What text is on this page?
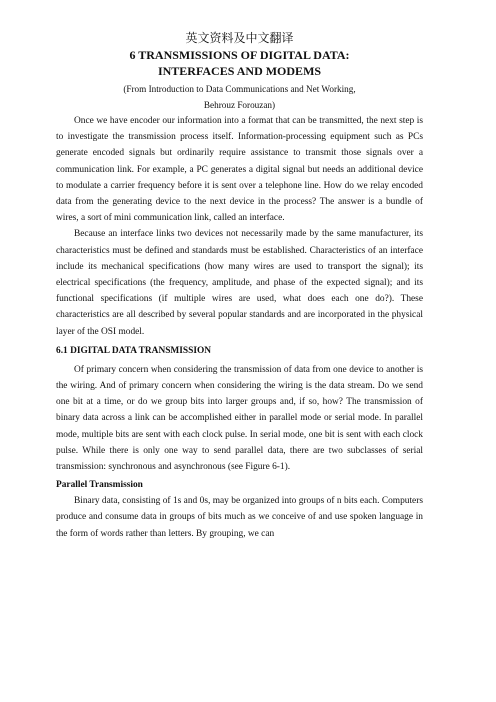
英文资料及中文翻译
6 TRANSMISSIONS OF DIGITAL DATA:
INTERFACES AND MODEMS
(From Introduction to Data Communications and Net Working,
Behrouz Forouzan)

Once we have encoder our information into a format that can be transmitted, the next step is to investigate the transmission process itself. Information-processing equipment such as PCs generate encoded signals but ordinarily require assistance to transmit those signals over a communication link. For example, a PC generates a digital signal but needs an additional device to modulate a carrier frequency before it is sent over a telephone line. How do we relay encoded data from the generating device to the next device in the process? The answer is a bundle of wires, a sort of mini communication link, called an interface.

Because an interface links two devices not necessarily made by the same manufacturer, its characteristics must be defined and standards must be established. Characteristics of an interface include its mechanical specifications (how many wires are used to transport the signal); its electrical specifications (the frequency, amplitude, and phase of the expected signal); and its functional specifications (if multiple wires are used, what does each one do?). These characteristics are all described by several popular standards and are incorporated in the physical layer of the OSI model.

6.1 DIGITAL DATA TRANSMISSION

Of primary concern when considering the transmission of data from one device to another is the wiring. And of primary concern when considering the wiring is the data stream. Do we send one bit at a time, or do we group bits into larger groups and, if so, how? The transmission of binary data across a link can be accomplished either in parallel mode or serial mode. In parallel mode, multiple bits are sent with each clock pulse. In serial mode, one bit is sent with each clock pulse. While there is only one way to send parallel data, there are two subclasses of serial transmission: synchronous and asynchronous (see Figure 6-1).

Parallel Transmission

Binary data, consisting of 1s and 0s, may be organized into groups of n bits each. Computers produce and consume data in groups of bits much as we conceive of and use spoken language in the form of words rather than letters. By grouping, we can
